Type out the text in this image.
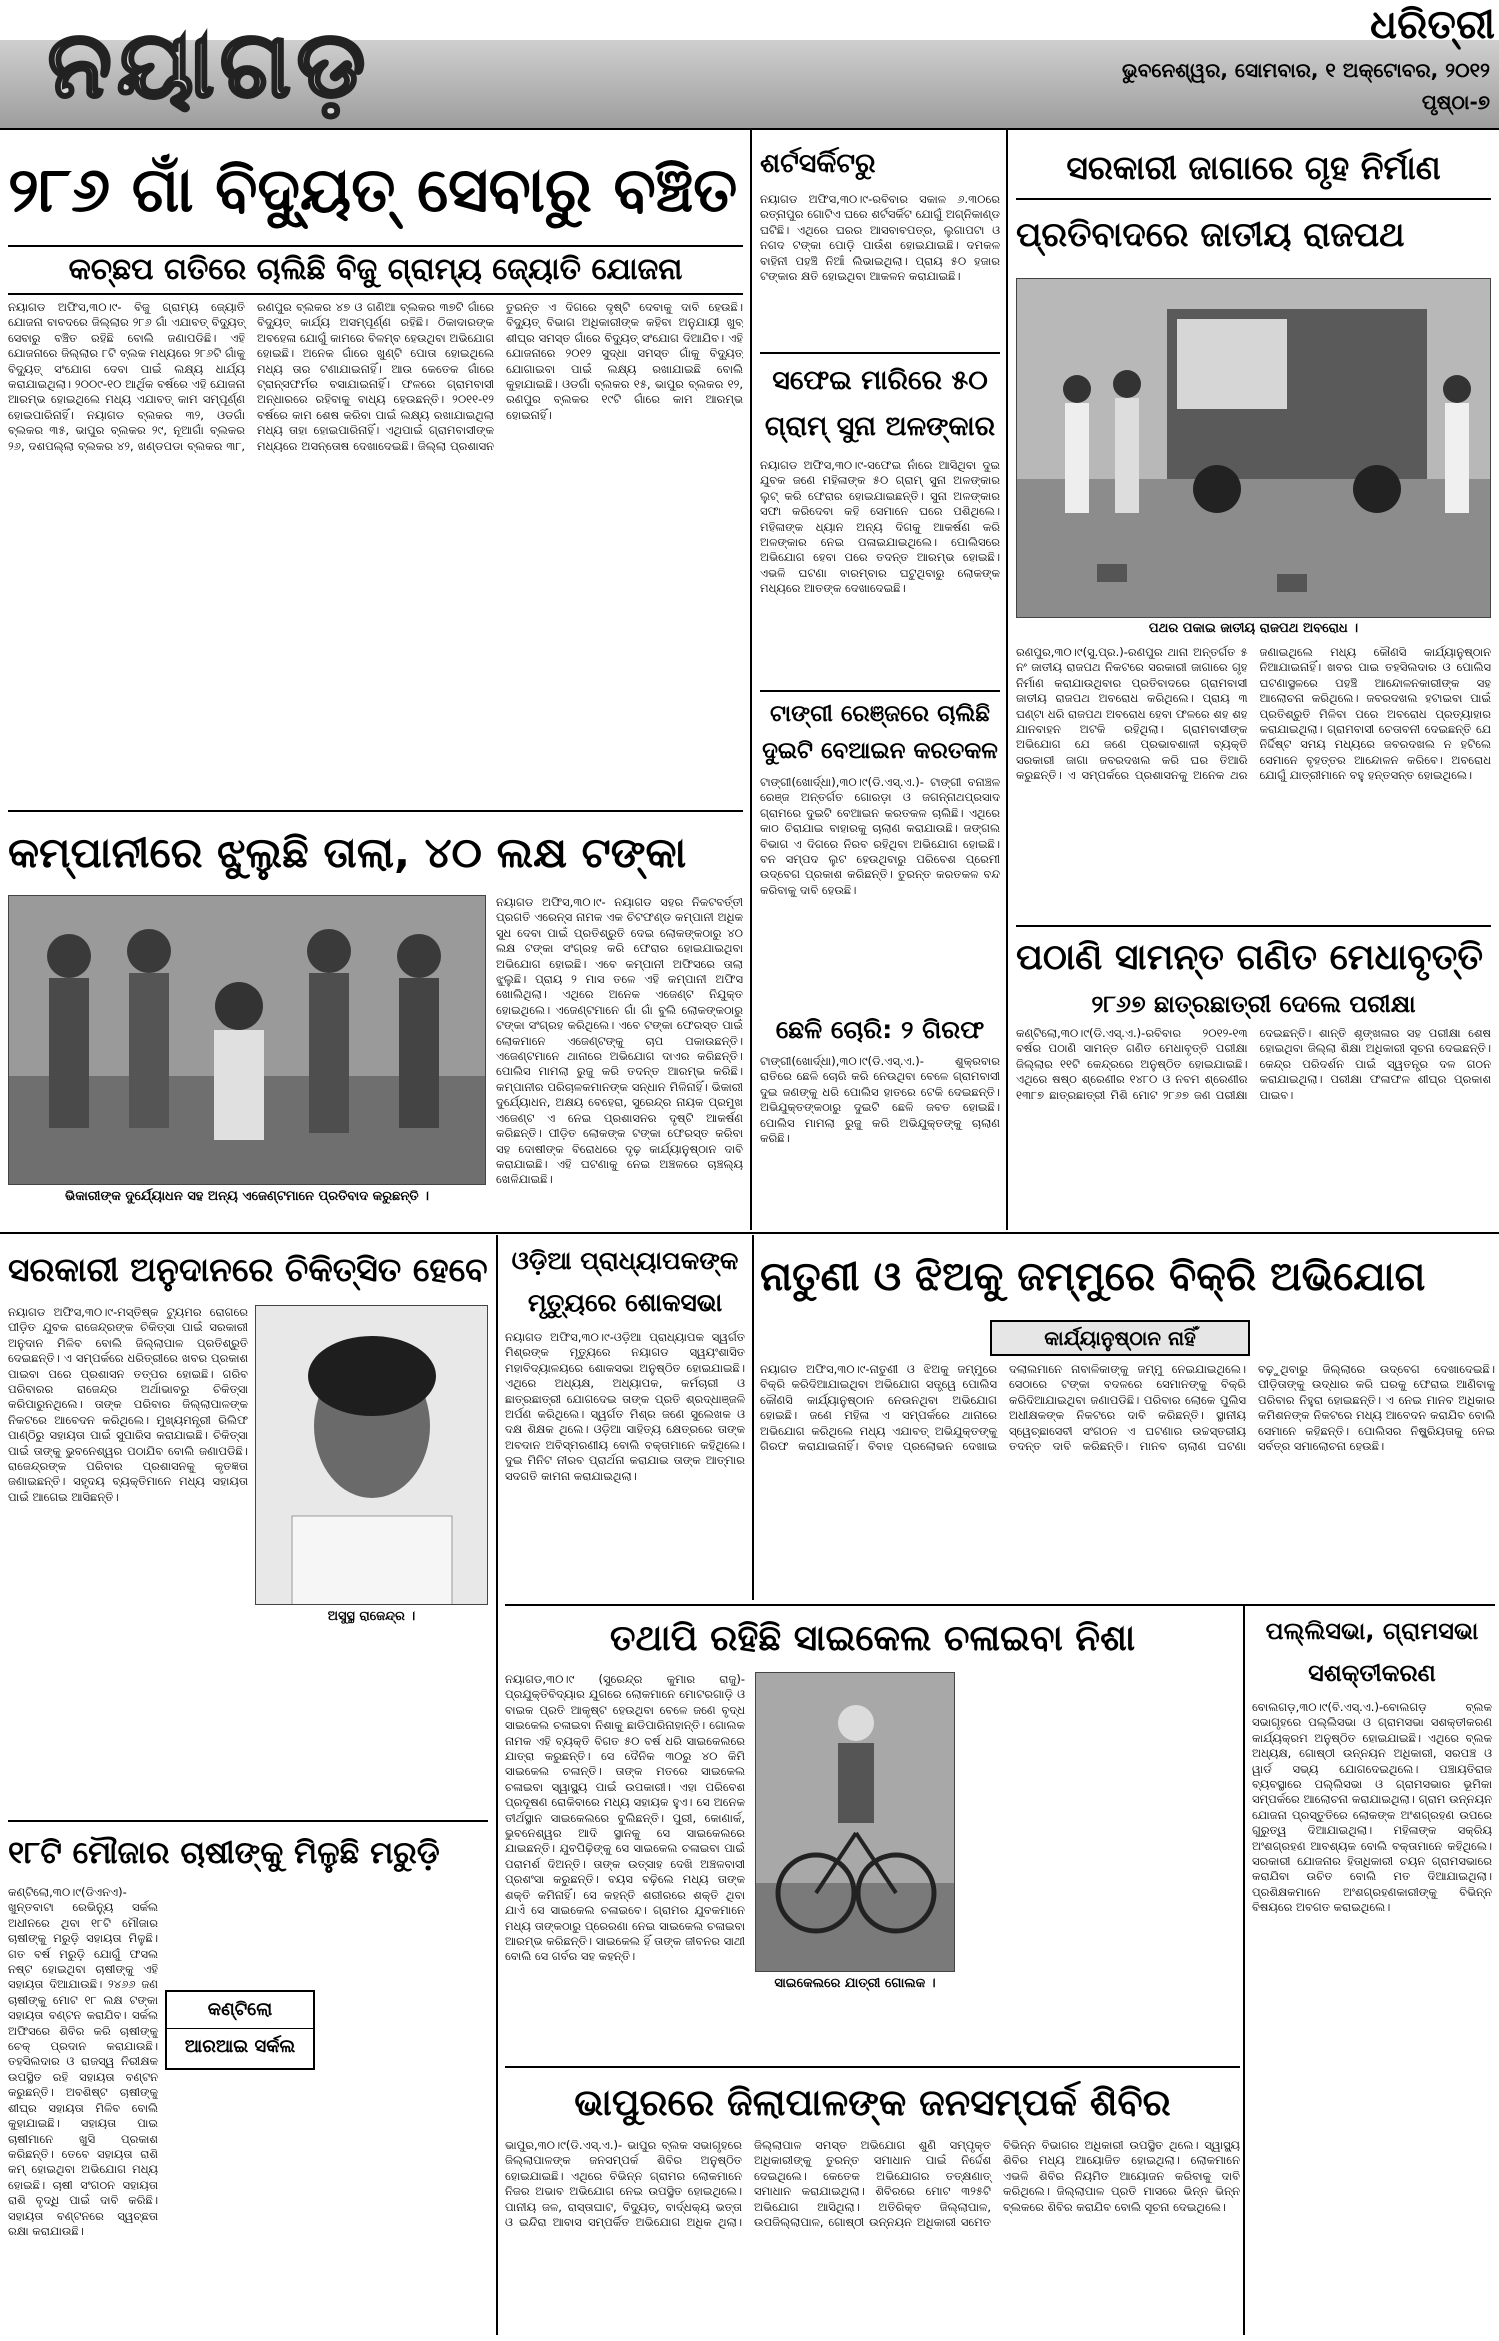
ନୟାଗଡ଼	ଧରିତ୍ରୀ
ଭୁବନେଶ୍ୱର, ସୋମବାର, ୧ ଅକ୍ଟୋବର, ୨୦୧୨
ପୃଷ୍ଠା-୭
୨୮୬ ଗାଁ ବିଦ୍ୟୁତ୍ ସେବାରୁ ବଞ୍ଚିତ
କଚ୍ଛପ ଗତିରେ ଚାଲିଛି ବିଜୁ ଗ୍ରାମ୍ୟ ଜ୍ୟୋତି ଯୋଜନା
ନୟାଗଡ ଅଫିସ,୩୦।୯- ବିଜୁ ଗ୍ରାମ୍ୟ ଜ୍ୟୋତି ଯୋଜନା ବାବଦରେ ଜିଲ୍ଲାର ୨୮୬ ଗାଁ ଏଯାବତ୍ ବିଦ୍ୟୁତ୍ ସେବାରୁ ବଞ୍ଚିତ ରହିଛି ବୋଲି ଜଣାପଡିଛି। ଏହି ଯୋଜନାରେ ଜିଲ୍ଲାର ୮ଟି ବ୍ଲକ ମଧ୍ୟରେ ୨୮୬ଟି ଗାଁକୁ ବିଦ୍ୟୁତ୍ ସଂଯୋଗ ଦେବା ପାଇଁ ଲକ୍ଷ୍ୟ ଧାର୍ଯ୍ୟ କରାଯାଇଥିଲା। ୨୦୦୯-୧୦ ଆର୍ଥିକ ବର୍ଷରେ ଏହି ଯୋଜନା ଆରମ୍ଭ ହୋଇଥିଲେ ମଧ୍ୟ ଏଯାବତ୍ କାମ ସମ୍ପୂର୍ଣ୍ଣ ହୋଇପାରିନାହିଁ। ନୟାଗଡ ବ୍ଲକର ୩୨, ଓଡଗାଁ ବ୍ଲକର ୩୫, ଭାପୁର ବ୍ଲକର ୨୯, ନୂଆଗାଁ ବ୍ଲକର ୨୬, ଦଶପଲ୍ଲା ବ୍ଲକର ୪୨, ଖଣ୍ଡପଡା ବ୍ଲକର ୩୮, ରଣପୁର ବ୍ଲକର ୪୭ ଓ ଗଣିଆ ବ୍ଲକର ୩୭ଟି ଗାଁରେ ବିଦ୍ୟୁତ୍ କାର୍ଯ୍ୟ ଅସମ୍ପୂର୍ଣ୍ଣ ରହିଛି। ଠିକାଦାରଙ୍କ ଅବହେଳା ଯୋଗୁଁ କାମରେ ବିଳମ୍ବ ହେଉଥିବା ଅଭିଯୋଗ ହୋଇଛି। ଅନେକ ଗାଁରେ ଖୁଣ୍ଟି ପୋତା ହୋଇଥିଲେ ମଧ୍ୟ ତାର ଟଣାଯାଇନାହିଁ। ଆଉ କେତେକ ଗାଁରେ ଟ୍ରାନ୍ସଫର୍ମର ବସାଯାଇନାହିଁ। ଫଳରେ ଗ୍ରାମବାସୀ ଅନ୍ଧାରରେ ରହିବାକୁ ବାଧ୍ୟ ହେଉଛନ୍ତି। ୨୦୧୧-୧୨ ବର୍ଷରେ କାମ ଶେଷ କରିବା ପାଇଁ ଲକ୍ଷ୍ୟ ରଖାଯାଇଥିଲା ମଧ୍ୟ ତାହା ହୋଇପାରିନାହିଁ। ଏଥିପାଇଁ ଗ୍ରାମବାସୀଙ୍କ ମଧ୍ୟରେ ଅସନ୍ତୋଷ ଦେଖାଦେଇଛି। ଜିଲ୍ଲା ପ୍ରଶାସନ ତୁରନ୍ତ ଏ ଦିଗରେ ଦୃଷ୍ଟି ଦେବାକୁ ଦାବି ହେଉଛି। ବିଦ୍ୟୁତ୍ ବିଭାଗ ଅଧିକାରୀଙ୍କ କହିବା ଅନୁଯାୟୀ ଖୁବ୍ ଶୀଘ୍ର ସମସ୍ତ ଗାଁରେ ବିଦ୍ୟୁତ୍ ସଂଯୋଗ ଦିଆଯିବ। ଏହି ଯୋଜନାରେ ୨୦୧୨ ସୁଦ୍ଧା ସମସ୍ତ ଗାଁକୁ ବିଦ୍ୟୁତ୍ ଯୋଗାଇବା ପାଇଁ ଲକ୍ଷ୍ୟ ରଖାଯାଇଛି ବୋଲି କୁହାଯାଇଛି। ଓଡଗାଁ ବ୍ଲକର ୧୫, ଭାପୁର ବ୍ଲକର ୧୨, ରଣପୁର ବ୍ଲକର ୧୯ଟି ଗାଁରେ କାମ ଆରମ୍ଭ ହୋଇନାହିଁ।
କମ୍ପାନୀରେ ଝୁଲୁଛି ତାଲା, ୪୦ ଲକ୍ଷ ଟଙ୍କା
ଭିକାରୀଙ୍କ ଦୁର୍ଯ୍ୟୋଧନ ସହ ଅନ୍ୟ ଏଜେଣ୍ଟମାନେ ପ୍ରତିବାଦ କରୁଛନ୍ତି ।
ନୟାଗଡ ଅଫିସ,୩୦।୯- ନୟାଗଡ ସହର ନିକଟବର୍ତ୍ତୀ ପ୍ରଗତି ଏରେନ୍ସ ନାମକ ଏକ ଚିଟଫଣ୍ଡ କମ୍ପାନୀ ଅଧିକ ସୁଧ ଦେବା ପାଇଁ ପ୍ରତିଶ୍ରୁତି ଦେଇ ଲୋକଙ୍କଠାରୁ ୪୦ ଲକ୍ଷ ଟଙ୍କା ସଂଗ୍ରହ କରି ଫେରାର ହୋଇଯାଇଥିବା ଅଭିଯୋଗ ହୋଇଛି। ଏବେ କମ୍ପାନୀ ଅଫିସରେ ତାଲା ଝୁଲୁଛି। ପ୍ରାୟ ୨ ମାସ ତଳେ ଏହି କମ୍ପାନୀ ଅଫିସ ଖୋଲିଥିଲା। ଏଥିରେ ଅନେକ ଏଜେଣ୍ଟ ନିଯୁକ୍ତ ହୋଇଥିଲେ। ଏଜେଣ୍ଟମାନେ ଗାଁ ଗାଁ ବୁଲି ଲୋକଙ୍କଠାରୁ ଟଙ୍କା ସଂଗ୍ରହ କରିଥିଲେ। ଏବେ ଟଙ୍କା ଫେରସ୍ତ ପାଇଁ ଲୋକମାନେ ଏଜେଣ୍ଟଙ୍କୁ ଚାପ ପକାଉଛନ୍ତି। ଏଜେଣ୍ଟମାନେ ଥାନାରେ ଅଭିଯୋଗ ଦାଏର କରିଛନ୍ତି। ପୋଲିସ ମାମଲା ରୁଜୁ କରି ତଦନ୍ତ ଆରମ୍ଭ କରିଛି। କମ୍ପାନୀର ପରିଚାଳକମାନଙ୍କ ସନ୍ଧାନ ମିଳିନାହିଁ। ଭିକାରୀ ଦୁର୍ଯ୍ୟୋଧନ, ଅକ୍ଷୟ ବେହେରା, ସୁରେନ୍ଦ୍ର ନାୟକ ପ୍ରମୁଖ ଏଜେଣ୍ଟ ଏ ନେଇ ପ୍ରଶାସନର ଦୃଷ୍ଟି ଆକର୍ଷଣ କରିଛନ୍ତି। ପୀଡ଼ିତ ଲୋକଙ୍କ ଟଙ୍କା ଫେରସ୍ତ କରିବା ସହ ଦୋଷୀଙ୍କ ବିରୋଧରେ ଦୃଢ଼ କାର୍ଯ୍ୟାନୁଷ୍ଠାନ ଦାବି କରାଯାଇଛି। ଏହି ଘଟଣାକୁ ନେଇ ଅଞ୍ଚଳରେ ଚାଞ୍ଚଲ୍ୟ ଖେଳିଯାଇଛି।
ଶର୍ଟସର୍କିଟରୁ
ନୟାଗଡ ଅଫିସ,୩୦।୯-ରବିବାର ସକାଳ ୬.୩୦ରେ ରତ୍ନାପୁର ଗୋଟିଏ ଘରେ ଶର୍ଟସର୍କିଟ ଯୋଗୁଁ ଅଗ୍ନିକାଣ୍ଡ ଘଟିଛି। ଏଥିରେ ଘରର ଆସବାବପତ୍ର, ଲୁଗାପଟା ଓ ନଗଦ ଟଙ୍କା ପୋଡ଼ି ପାଉଁଶ ହୋଇଯାଇଛି। ଦମକଳ ବାହିନୀ ପହଞ୍ଚି ନିଆଁ ଲିଭାଇଥିଲା। ପ୍ରାୟ ୫୦ ହଜାର ଟଙ୍କାର କ୍ଷତି ହୋଇଥିବା ଆକଳନ କରାଯାଇଛି।
ସଫେଇ ମାରିରେ ୫୦ ଗ୍ରାମ୍ ସୁନା ଅଳଙ୍କାର
ନୟାଗଡ ଅଫିସ,୩୦।୯-ସଫେଇ ନାଁରେ ଆସିଥିବା ଦୁଇ ଯୁବକ ଜଣେ ମହିଳାଙ୍କ ୫୦ ଗ୍ରାମ୍ ସୁନା ଅଳଙ୍କାର ଲୁଟ୍ କରି ଫେରାର ହୋଇଯାଇଛନ୍ତି। ସୁନା ଅଳଙ୍କାର ସଫା କରିଦେବା କହି ସେମାନେ ଘରେ ପଶିଥିଲେ। ମହିଳାଙ୍କ ଧ୍ୟାନ ଅନ୍ୟ ଦିଗକୁ ଆକର୍ଷଣ କରି ଅଳଙ୍କାର ନେଇ ପଳାଇଯାଇଥିଲେ। ପୋଲିସରେ ଅଭିଯୋଗ ହେବା ପରେ ତଦନ୍ତ ଆରମ୍ଭ ହୋଇଛି। ଏଭଳି ଘଟଣା ବାରମ୍ବାର ଘଟୁଥିବାରୁ ଲୋକଙ୍କ ମଧ୍ୟରେ ଆତଙ୍କ ଦେଖାଦେଇଛି।
ଟାଙ୍ଗୀ ରେଞ୍ଜରେ ଚାଲିଛି ଦୁଇଟି ବେଆଇନ କରତକଳ
ଟାଙ୍ଗୀ(ଖୋର୍ଦ୍ଧା),୩୦।୯(ଡି.ଏସ୍.ଏ.)- ଟାଙ୍ଗୀ ବନାଞ୍ଚଳ ରେଞ୍ଜ ଅନ୍ତର୍ଗତ ଗୋରଡ଼ା ଓ ଜଗନ୍ନାଥପ୍ରସାଦ ଗ୍ରାମରେ ଦୁଇଟି ବେଆଇନ କରତକଳ ଚାଲିଛି। ଏଥିରେ କାଠ ଚିରାଯାଇ ବାହାରକୁ ଚାଲାଣ କରାଯାଉଛି। ଜଙ୍ଗଲ ବିଭାଗ ଏ ଦିଗରେ ନିରବ ରହିଥିବା ଅଭିଯୋଗ ହୋଇଛି। ବନ ସମ୍ପଦ ଲୁଟ ହେଉଥିବାରୁ ପରିବେଶ ପ୍ରେମୀ ଉଦ୍‌ବେଗ ପ୍ରକାଶ କରିଛନ୍ତି। ତୁରନ୍ତ କରତକଳ ବନ୍ଦ କରିବାକୁ ଦାବି ହେଉଛି।
ଛେଳି ଚୋରି: ୨ ଗିରଫ
ଟାଙ୍ଗୀ(ଖୋର୍ଦ୍ଧା),୩୦।୯(ଡି.ଏସ୍.ଏ.)- ଶୁକ୍ରବାର ରାତିରେ ଛେଳି ଚୋରି କରି ନେଉଥିବା ବେଳେ ଗ୍ରାମବାସୀ ଦୁଇ ଜଣଙ୍କୁ ଧରି ପୋଲିସ ହାତରେ ଟେକି ଦେଇଛନ୍ତି। ଅଭିଯୁକ୍ତଙ୍କଠାରୁ ଦୁଇଟି ଛେଳି ଜବତ ହୋଇଛି। ପୋଲିସ ମାମଲା ରୁଜୁ କରି ଅଭିଯୁକ୍ତଙ୍କୁ ଚାଲାଣ କରିଛି।
ସରକାରୀ ଜାଗାରେ ଗୃହ ନିର୍ମାଣ
ପ୍ରତିବାଦରେ ଜାତୀୟ ରାଜପଥ
ପଥର ପକାଇ ଜାତୀୟ ରାଜପଥ ଅବରୋଧ ।
ରଣପୁର,୩୦।୯(ସୁ.ପ୍ର.)-ରଣପୁର ଥାନା ଅନ୍ତର୍ଗତ ୫ ନଂ ଜାତୀୟ ରାଜପଥ ନିକଟରେ ସରକାରୀ ଜାଗାରେ ଗୃହ ନିର୍ମାଣ କରାଯାଉଥିବାର ପ୍ରତିବାଦରେ ଗ୍ରାମବାସୀ ଜାତୀୟ ରାଜପଥ ଅବରୋଧ କରିଥିଲେ। ପ୍ରାୟ ୩ ଘଣ୍ଟା ଧରି ରାଜପଥ ଅବରୋଧ ହେବା ଫଳରେ ଶହ ଶହ ଯାନବାହନ ଅଟକି ରହିଥିଲା। ଗ୍ରାମବାସୀଙ୍କ ଅଭିଯୋଗ ଯେ ଜଣେ ପ୍ରଭାବଶାଳୀ ବ୍ୟକ୍ତି ସରକାରୀ ଜାଗା ଜବରଦଖଲ କରି ଘର ତିଆରି କରୁଛନ୍ତି। ଏ ସମ୍ପର୍କରେ ପ୍ରଶାସନକୁ ଅନେକ ଥର ଜଣାଇଥିଲେ ମଧ୍ୟ କୌଣସି କାର୍ଯ୍ୟାନୁଷ୍ଠାନ ନିଆଯାଇନାହିଁ। ଖବର ପାଇ ତହସିଲଦାର ଓ ପୋଲିସ ଘଟଣାସ୍ଥଳରେ ପହଞ୍ଚି ଆନ୍ଦୋଳନକାରୀଙ୍କ ସହ ଆଲୋଚନା କରିଥିଲେ। ଜବରଦଖଲ ହଟାଇବା ପାଇଁ ପ୍ରତିଶ୍ରୁତି ମିଳିବା ପରେ ଅବରୋଧ ପ୍ରତ୍ୟାହାର କରାଯାଇଥିଲା। ଗ୍ରାମବାସୀ ଚେତାବନୀ ଦେଇଛନ୍ତି ଯେ ନିର୍ଦ୍ଦିଷ୍ଟ ସମୟ ମଧ୍ୟରେ ଜବରଦଖଲ ନ ହଟିଲେ ସେମାନେ ବୃହତ୍ତର ଆନ୍ଦୋଳନ କରିବେ। ଅବରୋଧ ଯୋଗୁଁ ଯାତ୍ରୀମାନେ ବହୁ ହନ୍ତସନ୍ତ ହୋଇଥିଲେ।
ପଠାଣି ସାମନ୍ତ ଗଣିତ ମେଧାବୃତ୍ତି
୨୮୬୭ ଛାତ୍ରଛାତ୍ରୀ ଦେଲେ ପରୀକ୍ଷା
କଣ୍ଟିଲୋ,୩୦।୯(ଡି.ଏସ୍.ଏ.)-ରବିବାର ୨୦୧୨-୧୩ ବର୍ଷର ପଠାଣି ସାମନ୍ତ ଗଣିତ ମେଧାବୃତ୍ତି ପରୀକ୍ଷା ଜିଲ୍ଲାର ୧୧ଟି କେନ୍ଦ୍ରରେ ଅନୁଷ୍ଠିତ ହୋଇଯାଇଛି। ଏଥିରେ ଷଷ୍ଠ ଶ୍ରେଣୀର ୧୪୮୦ ଓ ନବମ ଶ୍ରେଣୀର ୧୩୮୭ ଛାତ୍ରଛାତ୍ରୀ ମିଶି ମୋଟ ୨୮୬୭ ଜଣ ପରୀକ୍ଷା ଦେଇଛନ୍ତି। ଶାନ୍ତି ଶୃଙ୍ଖଳାର ସହ ପରୀକ୍ଷା ଶେଷ ହୋଇଥିବା ଜିଲ୍ଲା ଶିକ୍ଷା ଅଧିକାରୀ ସୂଚନା ଦେଇଛନ୍ତି। କେନ୍ଦ୍ର ପରିଦର୍ଶନ ପାଇଁ ସ୍ୱତନ୍ତ୍ର ଦଳ ଗଠନ କରାଯାଇଥିଲା। ପରୀକ୍ଷା ଫଳାଫଳ ଶୀଘ୍ର ପ୍ରକାଶ ପାଇବ।
ସରକାରୀ ଅନୁଦାନରେ ଚିକିତ୍ସିତ ହେବେ
ନୟାଗଡ ଅଫିସ,୩୦।୯-ମସ୍ତିଷ୍କ ଟ୍ୟୁମର ରୋଗରେ ପୀଡ଼ିତ ଯୁବକ ରାଜେନ୍ଦ୍ରଙ୍କ ଚିକିତ୍ସା ପାଇଁ ସରକାରୀ ଅନୁଦାନ ମିଳିବ ବୋଲି ଜିଲ୍ଲାପାଳ ପ୍ରତିଶ୍ରୁତି ଦେଇଛନ୍ତି। ଏ ସମ୍ପର୍କରେ ଧରିତ୍ରୀରେ ଖବର ପ୍ରକାଶ ପାଇବା ପରେ ପ୍ରଶାସନ ତତ୍ପର ହୋଇଛି। ଗରିବ ପରିବାରର ରାଜେନ୍ଦ୍ର ଅର୍ଥାଭାବରୁ ଚିକିତ୍ସା କରିପାରୁନଥିଲେ। ତାଙ୍କ ପରିବାର ଜିଲ୍ଲାପାଳଙ୍କ ନିକଟରେ ଆବେଦନ କରିଥିଲେ। ମୁଖ୍ୟମନ୍ତ୍ରୀ ରିଲିଫ ପାଣ୍ଠିରୁ ସହାୟତା ପାଇଁ ସୁପାରିସ କରାଯାଇଛି। ଚିକିତ୍ସା ପାଇଁ ତାଙ୍କୁ ଭୁବନେଶ୍ୱର ପଠାଯିବ ବୋଲି ଜଣାପଡିଛି। ରାଜେନ୍ଦ୍ରଙ୍କ ପରିବାର ପ୍ରଶାସନକୁ କୃତଜ୍ଞତା ଜଣାଇଛନ୍ତି। ସହୃଦୟ ବ୍ୟକ୍ତିମାନେ ମଧ୍ୟ ସହାୟତା ପାଇଁ ଆଗେଇ ଆସିଛନ୍ତି।
ଅସୁସ୍ଥ ରାଜେନ୍ଦ୍ର ।
୧୮ଟି ମୌଜାର ଚାଷୀଙ୍କୁ ମିଳୁଛି ମରୁଡ଼ି
କଣ୍ଟିଲୋ,୩୦।୯(ଡିଏନଏ)- ଖୁନ୍ତବାଟା ରେଭିନ୍ୟୁ ସର୍କଲ ଅଧୀନରେ ଥିବା ୧୮ଟି ମୌଜାର ଚାଷୀଙ୍କୁ ମରୁଡ଼ି ସହାୟତା ମିଳୁଛି। ଗତ ବର୍ଷ ମରୁଡ଼ି ଯୋଗୁଁ ଫସଲ ନଷ୍ଟ ହୋଇଥିବା ଚାଷୀଙ୍କୁ ଏହି ସହାୟତା ଦିଆଯାଉଛି। ୨୪୬୬ ଜଣ ଚାଷୀଙ୍କୁ ମୋଟ ୧୮ ଲକ୍ଷ ଟଙ୍କା ସହାୟତା ବଣ୍ଟନ କରାଯିବ। ସର୍କଲ ଅଫିସରେ ଶିବିର କରି ଚାଷୀଙ୍କୁ ଚେକ୍ ପ୍ରଦାନ କରାଯାଉଛି। ତହସିଲଦାର ଓ ରାଜସ୍ୱ ନିରୀକ୍ଷକ ଉପସ୍ଥିତ ରହି ସହାୟତା ବଣ୍ଟନ କରୁଛନ୍ତି। ଅବଶିଷ୍ଟ ଚାଷୀଙ୍କୁ ଶୀଘ୍ର ସହାୟତା ମିଳିବ ବୋଲି କୁହାଯାଇଛି। ସହାୟତା ପାଇ ଚାଷୀମାନେ ଖୁସି ପ୍ରକାଶ କରିଛନ୍ତି। ତେବେ ସହାୟତା ରାଶି କମ୍ ହୋଇଥିବା ଅଭିଯୋଗ ମଧ୍ୟ ହୋଇଛି। ଚାଷୀ ସଂଗଠନ ସହାୟତା ରାଶି ବୃଦ୍ଧି ପାଇଁ ଦାବି କରିଛି। ସହାୟତା ବଣ୍ଟନରେ ସ୍ୱଚ୍ଛତା ରକ୍ଷା କରାଯାଉଛି।
କଣ୍ଟିଲୋ
ଆରଆଇ ସର୍କଲ
ଓଡ଼ିଆ ପ୍ରାଧ୍ୟାପକଙ୍କ ମୃତ୍ୟୁରେ ଶୋକସଭା
ନୟାଗଡ ଅଫିସ,୩୦।୯-ଓଡ଼ିଆ ପ୍ରାଧ୍ୟାପକ ସ୍ୱର୍ଗତ ମିଶ୍ରଙ୍କ ମୃତ୍ୟୁରେ ନୟାଗଡ ସ୍ୱୟଂଶାସିତ ମହାବିଦ୍ୟାଳୟରେ ଶୋକସଭା ଅନୁଷ୍ଠିତ ହୋଇଯାଇଛି। ଏଥିରେ ଅଧ୍ୟକ୍ଷ, ଅଧ୍ୟାପକ, କର୍ମଚାରୀ ଓ ଛାତ୍ରଛାତ୍ରୀ ଯୋଗଦେଇ ତାଙ୍କ ପ୍ରତି ଶ୍ରଦ୍ଧାଞ୍ଜଳି ଅର୍ପଣ କରିଥିଲେ। ସ୍ୱର୍ଗତ ମିଶ୍ର ଜଣେ ସୁଲେଖକ ଓ ଦକ୍ଷ ଶିକ୍ଷକ ଥିଲେ। ଓଡ଼ିଆ ସାହିତ୍ୟ କ୍ଷେତ୍ରରେ ତାଙ୍କ ଅବଦାନ ଅବିସ୍ମରଣୀୟ ବୋଲି ବକ୍ତାମାନେ କହିଥିଲେ। ଦୁଇ ମିନିଟ ନୀରବ ପ୍ରାର୍ଥନା କରାଯାଇ ତାଙ୍କ ଆତ୍ମାର ସଦଗତି କାମନା କରାଯାଇଥିଲା।
ନାତୁଣୀ ଓ ଝିଅକୁ ଜମ୍ମୁରେ ବିକ୍ରି ଅଭିଯୋଗ
କାର୍ଯ୍ୟାନୁଷ୍ଠାନ ନାହିଁ
ନୟାଗଡ ଅଫିସ,୩୦।୯-ନାତୁଣୀ ଓ ଝିଅକୁ ଜମ୍ମୁରେ ବିକ୍ରି କରିଦିଆଯାଇଥିବା ଅଭିଯୋଗ ସତ୍ତ୍ୱେ ପୋଲିସ କୌଣସି କାର୍ଯ୍ୟାନୁଷ୍ଠାନ ନେଉନଥିବା ଅଭିଯୋଗ ହୋଇଛି। ଜଣେ ମହିଳା ଏ ସମ୍ପର୍କରେ ଥାନାରେ ଅଭିଯୋଗ କରିଥିଲେ ମଧ୍ୟ ଏଯାବତ୍ ଅଭିଯୁକ୍ତଙ୍କୁ ଗିରଫ କରାଯାଇନାହିଁ। ବିବାହ ପ୍ରଲୋଭନ ଦେଖାଇ ଦଲାଲମାନେ ନାବାଳିକାଙ୍କୁ ଜମ୍ମୁ ନେଇଯାଇଥିଲେ। ସେଠାରେ ଟଙ୍କା ବଦଳରେ ସେମାନଙ୍କୁ ବିକ୍ରି କରିଦିଆଯାଇଥିବା ଜଣାପଡିଛି। ପରିବାର ଲୋକେ ପୁଲିସ ଅଧୀକ୍ଷକଙ୍କ ନିକଟରେ ଦାବି କରିଛନ୍ତି। ସ୍ଥାନୀୟ ସ୍ୱେଚ୍ଛାସେବୀ ସଂଗଠନ ଏ ଘଟଣାର ଉଚ୍ଚସ୍ତରୀୟ ତଦନ୍ତ ଦାବି କରିଛନ୍ତି। ମାନବ ଚାଲାଣ ଘଟଣା ବଢ଼ୁଥିବାରୁ ଜିଲ୍ଲାରେ ଉଦ୍‌ବେଗ ଦେଖାଦେଇଛି। ପୀଡ଼ିତାଙ୍କୁ ଉଦ୍ଧାର କରି ଘରକୁ ଫେରାଇ ଆଣିବାକୁ ପରିବାର ନିହୁରା ହୋଇଛନ୍ତି। ଏ ନେଇ ମାନବ ଅଧିକାର କମିଶନଙ୍କ ନିକଟରେ ମଧ୍ୟ ଆବେଦନ କରାଯିବ ବୋଲି ସେମାନେ କହିଛନ୍ତି। ପୋଲିସର ନିଷ୍କ୍ରିୟତାକୁ ନେଇ ସର୍ବତ୍ର ସମାଲୋଚନା ହେଉଛି।
ତଥାପି ରହିଛି ସାଇକେଲ ଚଳାଇବା ନିଶା
ନୟାଗଡ,୩୦।୯ (ସୁରେନ୍ଦ୍ର କୁମାର ରାଜୁ)- ପ୍ରଯୁକ୍ତିବିଦ୍ୟାର ଯୁଗରେ ଲୋକମାନେ ମୋଟରଗାଡ଼ି ଓ ବାଇକ ପ୍ରତି ଆକୃଷ୍ଟ ହେଉଥିବା ବେଳେ ଜଣେ ବୃଦ୍ଧ ସାଇକେଲ ଚଳାଇବା ନିଶାକୁ ଛାଡିପାରିନାହାନ୍ତି। ଗୋଲକ ନାମକ ଏହି ବ୍ୟକ୍ତି ବିଗତ ୫୦ ବର୍ଷ ଧରି ସାଇକେଲରେ ଯାତ୍ରା କରୁଛନ୍ତି। ସେ ଦୈନିକ ୩୦ରୁ ୪୦ କିମି ସାଇକେଲ ଚଳାନ୍ତି। ତାଙ୍କ ମତରେ ସାଇକେଲ ଚଳାଇବା ସ୍ୱାସ୍ଥ୍ୟ ପାଇଁ ଉପକାରୀ। ଏହା ପରିବେଶ ପ୍ରଦୂଷଣ ରୋକିବାରେ ମଧ୍ୟ ସହାୟକ ହୁଏ। ସେ ଅନେକ ତୀର୍ଥସ୍ଥାନ ସାଇକେଲରେ ବୁଲିଛନ୍ତି। ପୁରୀ, କୋଣାର୍କ, ଭୁବନେଶ୍ୱର ଆଦି ସ୍ଥାନକୁ ସେ ସାଇକେଲରେ ଯାଇଛନ୍ତି। ଯୁବପିଢ଼ିଙ୍କୁ ସେ ସାଇକେଲ ଚଳାଇବା ପାଇଁ ପରାମର୍ଶ ଦିଅନ୍ତି। ତାଙ୍କ ଉତ୍ସାହ ଦେଖି ଅଞ୍ଚଳବାସୀ ପ୍ରଶଂସା କରୁଛନ୍ତି। ବୟସ ବଢ଼ିଲେ ମଧ୍ୟ ତାଙ୍କ ଶକ୍ତି କମିନାହିଁ। ସେ କହନ୍ତି ଶରୀରରେ ଶକ୍ତି ଥିବା ଯାଏଁ ସେ ସାଇକେଲ ଚଳାଇବେ। ଗ୍ରାମର ଯୁବକମାନେ ମଧ୍ୟ ତାଙ୍କଠାରୁ ପ୍ରେରଣା ନେଇ ସାଇକେଲ ଚଳାଇବା ଆରମ୍ଭ କରିଛନ୍ତି। ସାଇକେଲ ହିଁ ତାଙ୍କ ଜୀବନର ସାଥୀ ବୋଲି ସେ ଗର୍ବର ସହ କହନ୍ତି।
ସାଇକେଲରେ ଯାତ୍ରୀ ଗୋଲକ ।
ପଲ୍ଲିସଭା, ଗ୍ରାମସଭା ସଶକ୍ତୀକରଣ
ବୋଲଗଡ଼,୩୦।୯(ବି.ଏସ୍.ଏ.)-ବୋଲଗଡ଼ ବ୍ଲକ ସଭାଗୃହରେ ପଲ୍ଲିସଭା ଓ ଗ୍ରାମସଭା ସଶକ୍ତୀକରଣ କାର୍ଯ୍ୟକ୍ରମ ଅନୁଷ୍ଠିତ ହୋଇଯାଇଛି। ଏଥିରେ ବ୍ଲକ ଅଧ୍ୟକ୍ଷ, ଗୋଷ୍ଠୀ ଉନ୍ନୟନ ଅଧିକାରୀ, ସରପଞ୍ଚ ଓ ୱାର୍ଡ ସଭ୍ୟ ଯୋଗଦେଇଥିଲେ। ପଞ୍ଚାୟତିରାଜ ବ୍ୟବସ୍ଥାରେ ପଲ୍ଲିସଭା ଓ ଗ୍ରାମସଭାର ଭୂମିକା ସମ୍ପର୍କରେ ଆଲୋଚନା କରାଯାଇଥିଲା। ଗ୍ରାମ ଉନ୍ନୟନ ଯୋଜନା ପ୍ରସ୍ତୁତିରେ ଲୋକଙ୍କ ଅଂଶଗ୍ରହଣ ଉପରେ ଗୁରୁତ୍ୱ ଦିଆଯାଇଥିଲା। ମହିଳାଙ୍କ ସକ୍ରିୟ ଅଂଶଗ୍ରହଣ ଆବଶ୍ୟକ ବୋଲି ବକ୍ତାମାନେ କହିଥିଲେ। ସରକାରୀ ଯୋଜନାର ହିତାଧିକାରୀ ଚୟନ ଗ୍ରାମସଭାରେ କରାଯିବା ଉଚିତ ବୋଲି ମତ ଦିଆଯାଇଥିଲା। ପ୍ରଶିକ୍ଷକମାନେ ଅଂଶଗ୍ରହଣକାରୀଙ୍କୁ ବିଭିନ୍ନ ବିଷୟରେ ଅବଗତ କରାଇଥିଲେ।
ଭାପୁରରେ ଜିଲାପାଳଙ୍କ ଜନସମ୍ପର୍କ ଶିବିର
ଭାପୁର,୩୦।୯(ଡି.ଏସ୍.ଏ.)- ଭାପୁର ବ୍ଲକ ସଭାଗୃହରେ ଜିଲ୍ଲାପାଳଙ୍କ ଜନସମ୍ପର୍କ ଶିବିର ଅନୁଷ୍ଠିତ ହୋଇଯାଇଛି। ଏଥିରେ ବିଭିନ୍ନ ଗ୍ରାମର ଲୋକମାନେ ନିଜର ଅଭାବ ଅଭିଯୋଗ ନେଇ ଉପସ୍ଥିତ ହୋଇଥିଲେ। ପାନୀୟ ଜଳ, ରାସ୍ତାଘାଟ, ବିଦ୍ୟୁତ୍, ବାର୍ଦ୍ଧକ୍ୟ ଭତ୍ତା ଓ ଇନ୍ଦିରା ଆବାସ ସମ୍ପର୍କିତ ଅଭିଯୋଗ ଅଧିକ ଥିଲା। ଜିଲ୍ଲାପାଳ ସମସ୍ତ ଅଭିଯୋଗ ଶୁଣି ସମ୍ପୃକ୍ତ ଅଧିକାରୀଙ୍କୁ ତୁରନ୍ତ ସମାଧାନ ପାଇଁ ନିର୍ଦ୍ଦେଶ ଦେଇଥିଲେ। କେତେକ ଅଭିଯୋଗର ତତ୍କ୍ଷଣାତ୍ ସମାଧାନ କରାଯାଇଥିଲା। ଶିବିରରେ ମୋଟ ୩୨୫ଟି ଅଭିଯୋଗ ଆସିଥିଲା। ଅତିରିକ୍ତ ଜିଲ୍ଲାପାଳ, ଉପଜିଲ୍ଲାପାଳ, ଗୋଷ୍ଠୀ ଉନ୍ନୟନ ଅଧିକାରୀ ସମେତ ବିଭିନ୍ନ ବିଭାଗର ଅଧିକାରୀ ଉପସ୍ଥିତ ଥିଲେ। ସ୍ୱାସ୍ଥ୍ୟ ଶିବିର ମଧ୍ୟ ଆୟୋଜିତ ହୋଇଥିଲା। ଲୋକମାନେ ଏଭଳି ଶିବିର ନିୟମିତ ଆୟୋଜନ କରିବାକୁ ଦାବି କରିଥିଲେ। ଜିଲ୍ଲାପାଳ ପ୍ରତି ମାସରେ ଭିନ୍ନ ଭିନ୍ନ ବ୍ଲକରେ ଶିବିର କରାଯିବ ବୋଲି ସୂଚନା ଦେଇଥିଲେ।
